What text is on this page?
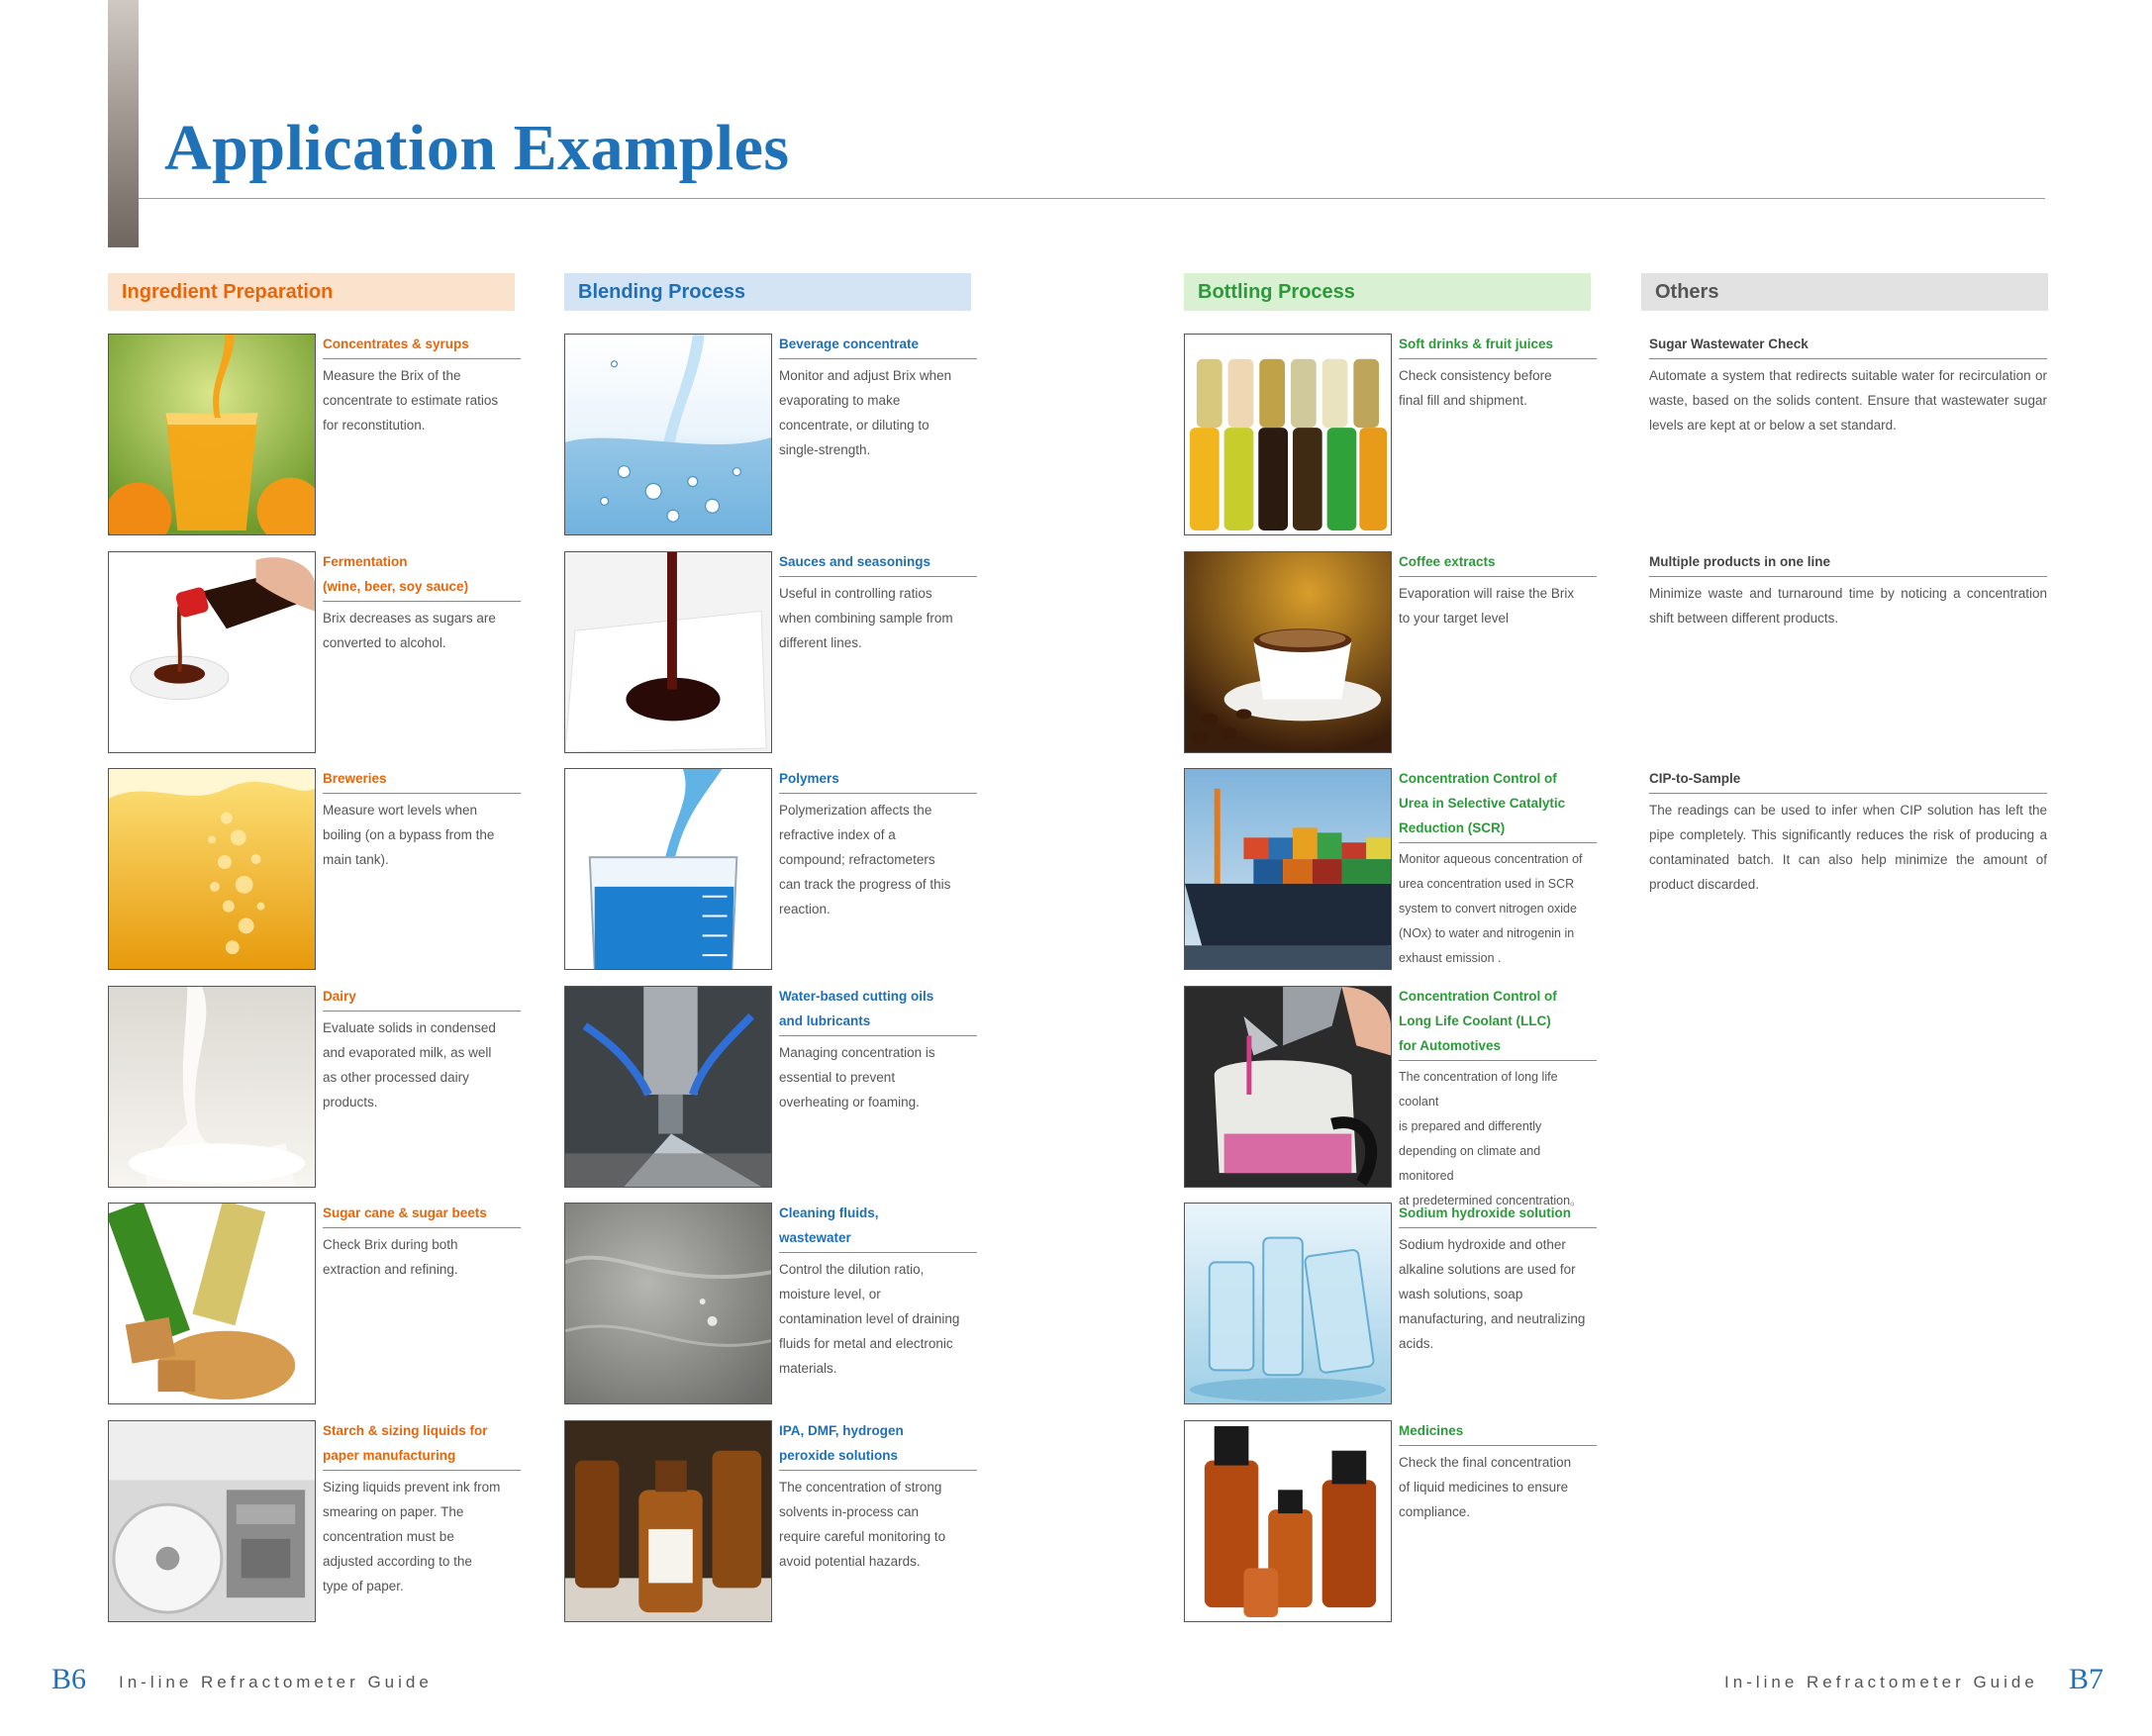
Application Examples
Ingredient Preparation	Blending Process	Bottling Process	Others
Concentrates & syrups
Measure the Brix of the
concentrate to estimate ratios
for reconstitution.
Fermentation
(wine, beer, soy sauce)
Brix decreases as sugars are
converted to alcohol.
Breweries
Measure wort levels when
boiling (on a bypass from the
main tank).
Dairy
Evaluate solids in condensed
and evaporated milk, as well
as other processed dairy
products.
Sugar cane & sugar beets
Check Brix during both
extraction and refining.
Starch & sizing liquids for
paper manufacturing
Sizing liquids prevent ink from
smearing on paper. The
concentration must be
adjusted according to the
type of paper.
Beverage concentrate
Monitor and adjust Brix when
evaporating to make
concentrate, or diluting to
single-strength.
Sauces and seasonings
Useful in controlling ratios
when combining sample from
different lines.
Polymers
Polymerization affects the
refractive index of a
compound; refractometers
can track the progress of this
reaction.
Water-based cutting oils
and lubricants
Managing concentration is
essential to prevent
overheating or foaming.
Cleaning fluids,
wastewater
Control the dilution ratio,
moisture level, or
contamination level of draining
fluids for metal and electronic
materials.
IPA, DMF, hydrogen
peroxide solutions
The concentration of strong
solvents in-process can
require careful monitoring to
avoid potential hazards.
Soft drinks & fruit juices
Check consistency before
final fill and shipment.
Coffee extracts
Evaporation will raise the Brix
to your target level
Concentration Control of
Urea in Selective Catalytic
Reduction (SCR)
Monitor aqueous concentration of
urea concentration used in SCR
system to convert nitrogen oxide
(NOx) to water and nitrogenin in
exhaust emission .
Concentration Control of
Long Life Coolant (LLC)
for Automotives
The concentration of long life coolant
is prepared and differently
depending on climate and monitored
at predetermined concentration。
Sodium hydroxide solution
Sodium hydroxide and other
alkaline solutions are used for
wash solutions, soap
manufacturing, and neutralizing
acids.
Medicines
Check the final concentration
of liquid medicines to ensure
compliance.
Sugar Wastewater Check
Automate a system that redirects suitable water for recirculation or waste, based on the solids content. Ensure that wastewater sugar levels are kept at or below a set standard.
Multiple products in one line
Minimize waste and turnaround time by noticing a concentration shift between different products.
CIP-to-Sample
The readings can be used to infer when CIP solution has left the pipe completely. This significantly reduces the risk of producing a contaminated batch. It can also help minimize the amount of product discarded.
B6 In-line Refractometer Guide	In-line Refractometer Guide B7
